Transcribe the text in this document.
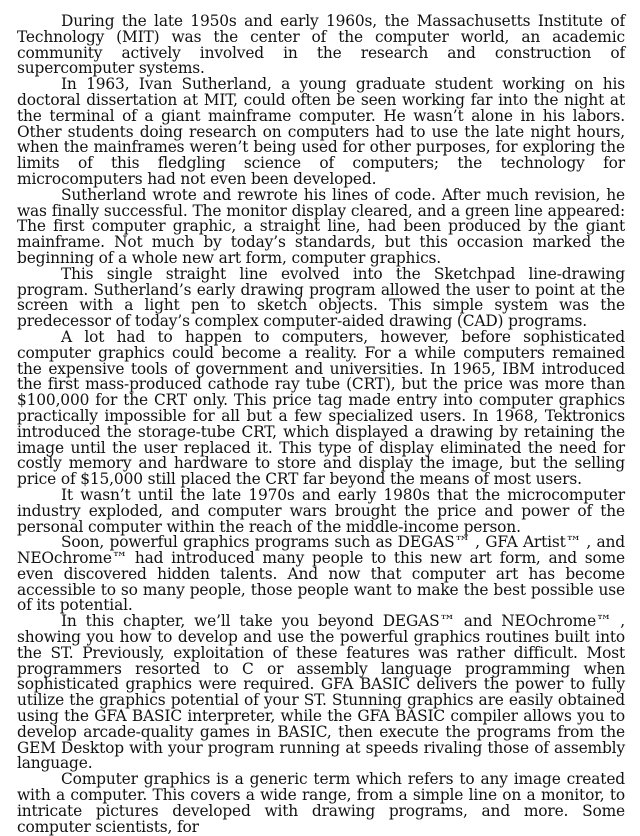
During the late 1950s and early 1960s, the Massachusetts Institute of Technology (MIT) was the center of the computer world, an academic community actively involved in the research and construction of supercomputer systems.

In 1963, Ivan Sutherland, a young graduate student working on his doctoral dissertation at MIT, could often be seen working far into the night at the terminal of a giant mainframe computer. He wasn’t alone in his labors. Other students doing research on computers had to use the late night hours, when the mainframes weren’t being used for other purposes, for exploring the limits of this fledgling science of computers; the technology for microcomputers had not even been developed.

Sutherland wrote and rewrote his lines of code. After much revision, he was finally successful. The monitor display cleared, and a green line appeared: The first computer graphic, a straight line, had been produced by the giant mainframe. Not much by today’s standards, but this occasion marked the beginning of a whole new art form, computer graphics.

This single straight line evolved into the Sketchpad line-drawing program. Sutherland’s early drawing program allowed the user to point at the screen with a light pen to sketch objects. This simple system was the predecessor of today’s complex computer-aided drawing (CAD) programs.

A lot had to happen to computers, however, before sophisticated computer graphics could become a reality. For a while computers remained the expensive tools of government and universities. In 1965, IBM introduced the first mass-produced cathode ray tube (CRT), but the price was more than $100,000 for the CRT only. This price tag made entry into computer graphics practically impossible for all but a few specialized users. In 1968, Tektronics introduced the storage-tube CRT, which displayed a drawing by retaining the image until the user replaced it. This type of display eliminated the need for costly memory and hardware to store and display the image, but the selling price of $15,000 still placed the CRT far beyond the means of most users.

It wasn’t until the late 1970s and early 1980s that the microcomputer industry exploded, and computer wars brought the price and power of the personal computer within the reach of the middle-income person.

Soon, powerful graphics programs such as DEGAS™ , GFA Artist™ , and NEOchrome™ had introduced many people to this new art form, and some even discovered hidden talents. And now that computer art has become accessible to so many people, those people want to make the best possible use of its potential.

In this chapter, we’ll take you beyond DEGAS™ and NEOchrome™ , showing you how to develop and use the powerful graphics routines built into the ST. Previously, exploitation of these features was rather difficult. Most programmers resorted to C or assembly language programming when sophisticated graphics were required. GFA BASIC delivers the power to fully utilize the graphics potential of your ST. Stunning graphics are easily obtained using the GFA BASIC interpreter, while the GFA BASIC compiler allows you to develop arcade-quality games in BASIC, then execute the programs from the GEM Desktop with your program running at speeds rivaling those of assembly language.

Computer graphics is a generic term which refers to any image created with a computer. This covers a wide range, from a simple line on a monitor, to intricate pictures developed with drawing programs, and more. Some computer scientists, for
